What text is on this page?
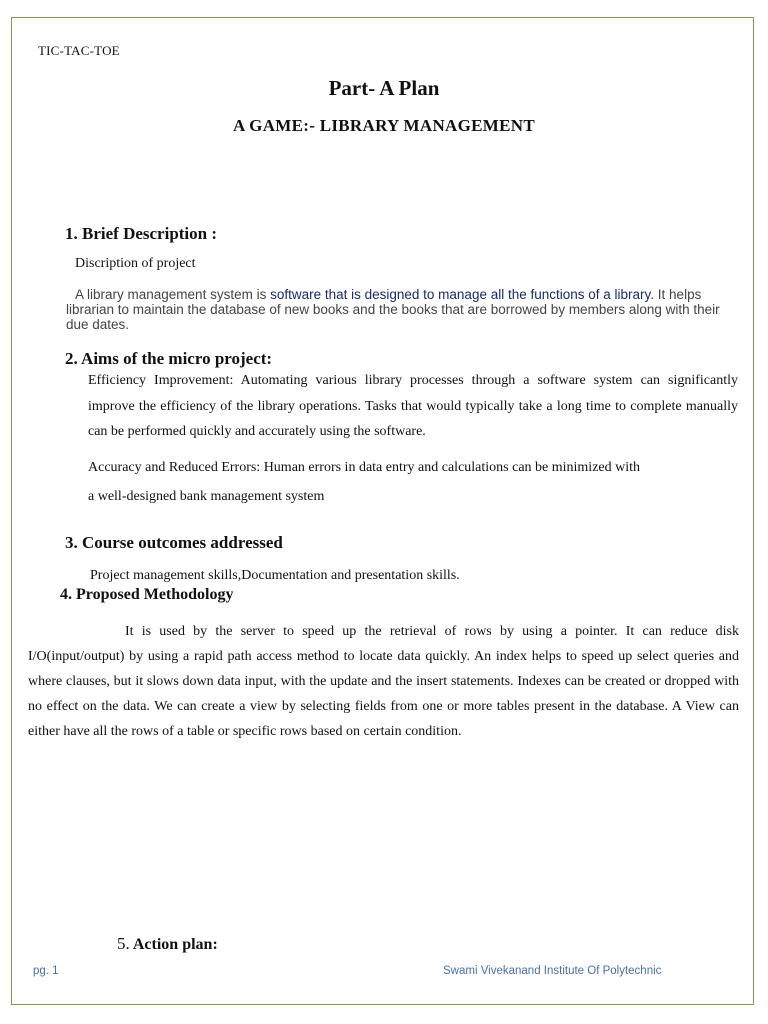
TIC-TAC-TOE
Part- A Plan
A GAME:- LIBRARY MANAGEMENT
1. Brief Description :
Discription of project
A library management system is software that is designed to manage all the functions of a library. It helps librarian to maintain the database of new books and the books that are borrowed by members along with their due dates.
2. Aims of the micro project:
Efficiency Improvement: Automating various library processes through a software system can significantly improve the efficiency of the library operations. Tasks that would typically take a long time to complete manually can be performed quickly and accurately using the software.
Accuracy and Reduced Errors: Human errors in data entry and calculations can be minimized with
a well-designed bank management system
3. Course outcomes addressed
Project management skills,Documentation and presentation skills.
4. Proposed Methodology
It is used by the server to speed up the retrieval of rows by using a pointer. It can reduce disk I/O(input/output) by using a rapid path access method to locate data quickly. An index helps to speed up select queries and where clauses, but it slows down data input, with the update and the insert statements. Indexes can be created or dropped with no effect on the data. We can create a view by selecting fields from one or more tables present in the database. A View can either have all the rows of a table or specific rows based on certain condition.
5. Action plan:
pg. 1	Swami Vivekanand Institute Of Polytechnic
